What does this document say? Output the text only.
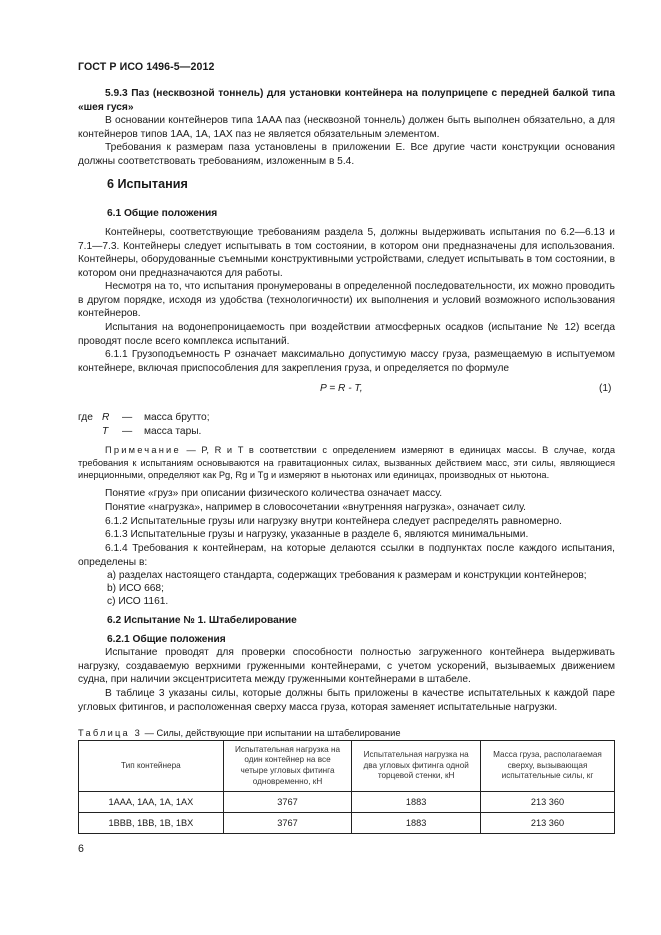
ГОСТ Р ИСО 1496-5—2012
5.9.3 Паз (несквозной тоннель) для установки контейнера на полуприцепе с передней балкой типа «шея гуся»
В основании контейнеров типа 1AAA паз (несквозной тоннель) должен быть выполнен обязательно, а для контейнеров типов 1AA, 1A, 1AX паз не является обязательным элементом.
Требования к размерам паза установлены в приложении Е. Все другие части конструкции основания должны соответствовать требованиям, изложенным в 5.4.
6 Испытания
6.1 Общие положения
Контейнеры, соответствующие требованиям раздела 5, должны выдерживать испытания по 6.2—6.13 и 7.1—7.3. Контейнеры следует испытывать в том состоянии, в котором они предназначены для использования. Контейнеры, оборудованные съемными конструктивными устройствами, следует испытывать в том состоянии, в котором они предназначаются для работы.
Несмотря на то, что испытания пронумерованы в определенной последовательности, их можно проводить в другом порядке, исходя из удобства (технологичности) их выполнения и условий возможного использования контейнеров.
Испытания на водонепроницаемость при воздействии атмосферных осадков (испытание № 12) всегда проводят после всего комплекса испытаний.
6.1.1 Грузоподъемность P означает максимально допустимую массу груза, размещаемую в испытуемом контейнере, включая приспособления для закрепления груза, и определяется по формуле
P = R - T,	(1)
где R — масса брутто;
T — масса тары.
Примечание — P, R и T в соответствии с определением измеряют в единицах массы. В случае, когда требования к испытаниям основываются на гравитационных силах, вызванных действием масс, эти силы, являющиеся инерционными, определяют как Pg, Rg и Tg и измеряют в ньютонах или единицах, производных от ньютона.
Понятие «груз» при описании физического количества означает массу.
Понятие «нагрузка», например в словосочетании «внутренняя нагрузка», означает силу.
6.1.2 Испытательные грузы или нагрузку внутри контейнера следует распределять равномерно.
6.1.3 Испытательные грузы и нагрузку, указанные в разделе 6, являются минимальными.
6.1.4 Требования к контейнерам, на которые делаются ссылки в подпунктах после каждого испытания, определены в:
а) разделах настоящего стандарта, содержащих требования к размерам и конструкции контейнеров;
b) ИСО 668;
с) ИСО 1161.
6.2 Испытание № 1. Штабелирование
6.2.1 Общие положения
Испытание проводят для проверки способности полностью загруженного контейнера выдерживать нагрузку, создаваемую верхними груженными контейнерами, с учетом ускорений, вызываемых движением судна, при наличии эксцентриситета между груженными контейнерами в штабеле.
В таблице 3 указаны силы, которые должны быть приложены в качестве испытательных к каждой паре угловых фитингов, и расположенная сверху масса груза, которая заменяет испытательные нагрузки.
Таблица 3 — Силы, действующие при испытании на штабелирование
Тип контейнера	Испытательная нагрузка на один контейнер на все четыре угловых фитинга одновременно, кН	Испытательная нагрузка на два угловых фитинга одной торцевой стенки, кН	Масса груза, располагаемая сверху, вызывающая испытательные силы, кг
1AAA, 1AA, 1A, 1AX	3767	1883	213 360
1BBB, 1BB, 1B, 1BX	3767	1883	213 360
6
